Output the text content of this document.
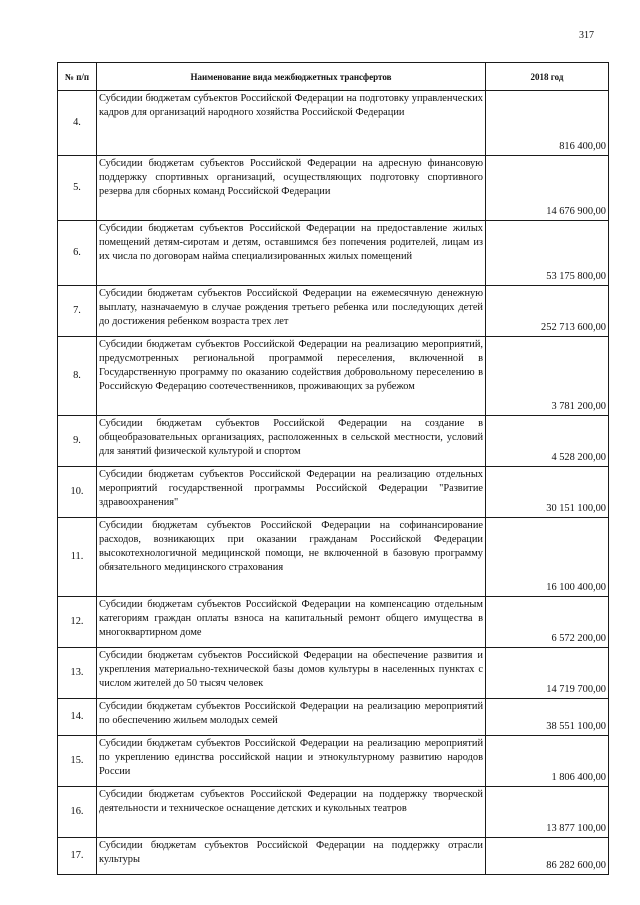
317
№ п/п	Наименование вида межбюджетных трансфертов	2018 год
4.	Субсидии бюджетам субъектов Российской Федерации на подготовку управленческих кадров для организаций народного хозяйства Российской Федерации	816 400,00
5.	Субсидии бюджетам субъектов Российской Федерации на адресную финансовую поддержку спортивных организаций, осуществляющих подготовку спортивного резерва для сборных команд Российской Федерации	14 676 900,00
6.	Субсидии бюджетам субъектов Российской Федерации на предоставление жилых помещений детям-сиротам и детям, оставшимся без попечения родителей, лицам из их числа по договорам найма специализированных жилых помещений	53 175 800,00
7.	Субсидии бюджетам субъектов Российской Федерации на ежемесячную денежную выплату, назначаемую в случае рождения третьего ребенка или последующих детей до достижения ребенком возраста трех лет	252 713 600,00
8.	Субсидии бюджетам субъектов Российской Федерации на реализацию мероприятий, предусмотренных региональной программой переселения, включенной в Государственную программу по оказанию содействия добровольному переселению в Российскую Федерацию соотечественников, проживающих за рубежом	3 781 200,00
9.	Субсидии бюджетам субъектов Российской Федерации на создание в общеобразовательных организациях, расположенных в сельской местности, условий для занятий физической культурой и спортом	4 528 200,00
10.	Субсидии бюджетам субъектов Российской Федерации на реализацию отдельных мероприятий государственной программы Российской Федерации "Развитие здравоохранения"	30 151 100,00
11.	Субсидии бюджетам субъектов Российской Федерации на софинансирование расходов, возникающих при оказании гражданам Российской Федерации высокотехнологичной медицинской помощи, не включенной в базовую программу обязательного медицинского страхования	16 100 400,00
12.	Субсидии бюджетам субъектов Российской Федерации на компенсацию отдельным категориям граждан оплаты взноса на капитальный ремонт общего имущества в многоквартирном доме	6 572 200,00
13.	Субсидии бюджетам субъектов Российской Федерации на обеспечение развития и укрепления материально-технической базы домов культуры в населенных пунктах с числом жителей до 50 тысяч человек	14 719 700,00
14.	Субсидии бюджетам субъектов Российской Федерации на реализацию мероприятий по обеспечению жильем молодых семей	38 551 100,00
15.	Субсидии бюджетам субъектов Российской Федерации на реализацию мероприятий по укреплению единства российской нации и этнокультурному развитию народов России	1 806 400,00
16.	Субсидии бюджетам субъектов Российской Федерации на поддержку творческой деятельности и техническое оснащение детских и кукольных театров	13 877 100,00
17.	Субсидии бюджетам субъектов Российской Федерации на поддержку отрасли культуры	86 282 600,00
